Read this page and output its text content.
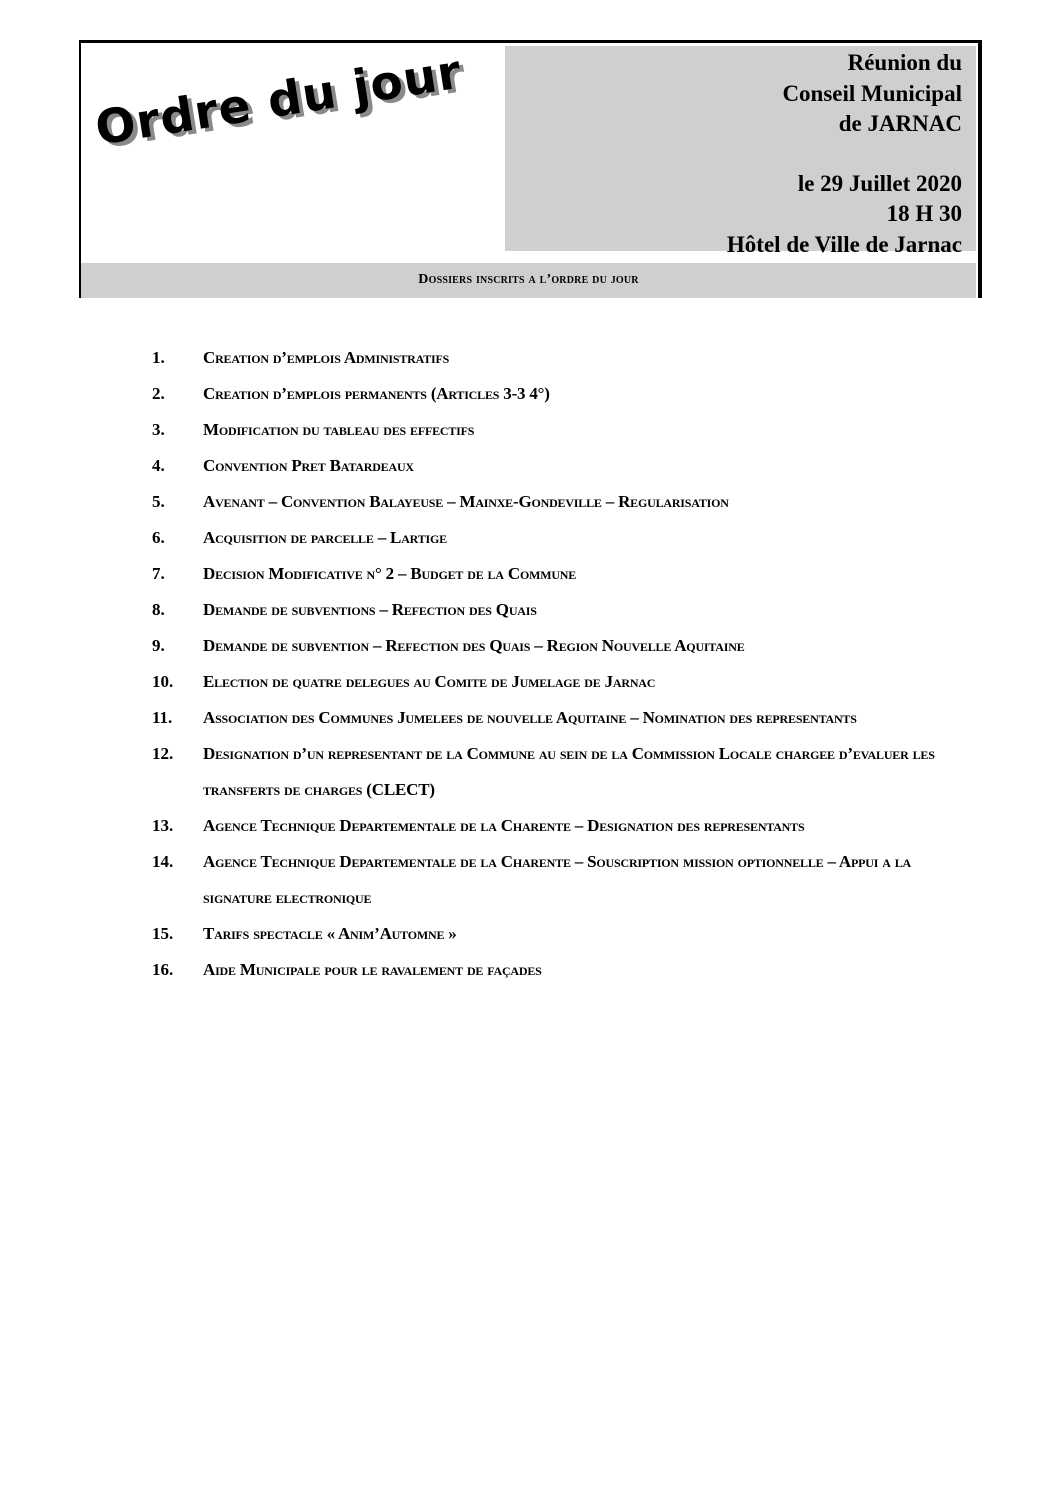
Ordre du jour	Réunion du
Conseil Municipal
de JARNAC
le 29 Juillet 2020
18 H 30
Hôtel de Ville de Jarnac
Dossiers inscrits a l’ordre du jour
1. Creation d’emplois Administratifs
2. Creation d’emplois permanents (Articles 3-3 4°)
3. Modification du tableau des effectifs
4. Convention Pret Batardeaux
5. Avenant – Convention Balayeuse – Mainxe-Gondeville – Regularisation
6. Acquisition de parcelle – Lartige
7. Decision Modificative n° 2 – Budget de la Commune
8. Demande de subventions – Refection des Quais
9. Demande de subvention – Refection des Quais – Region Nouvelle Aquitaine
10. Election de quatre delegues au Comite de Jumelage de Jarnac
11. Association des Communes Jumelees de nouvelle Aquitaine – Nomination des representants
12. Designation d’un representant de la Commune au sein de la Commission Locale chargee d’evaluer les transferts de charges (CLECT)
13. Agence Technique Departementale de la Charente – Designation des representants
14. Agence Technique Departementale de la Charente – Souscription mission optionnelle – Appui a la signature electronique
15. Tarifs spectacle « Anim’Automne »
16. Aide Municipale pour le ravalement de façades
